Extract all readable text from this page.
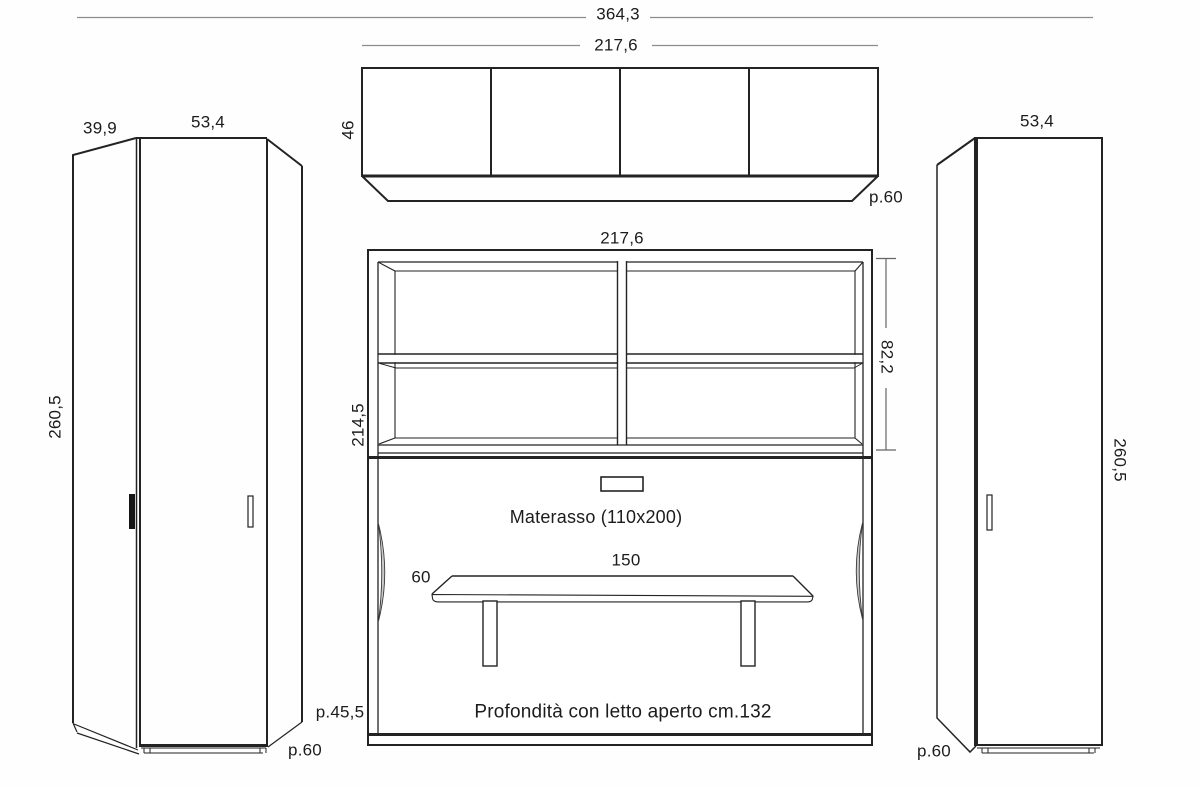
364,3
217,6
46
p.60
39,9	53,4
260,5
p.60
53,4
260,5
p.60
217,6
214,5
82,2
p.45,5
Materasso (110x200)
150
60
Profondità con letto aperto cm.132
